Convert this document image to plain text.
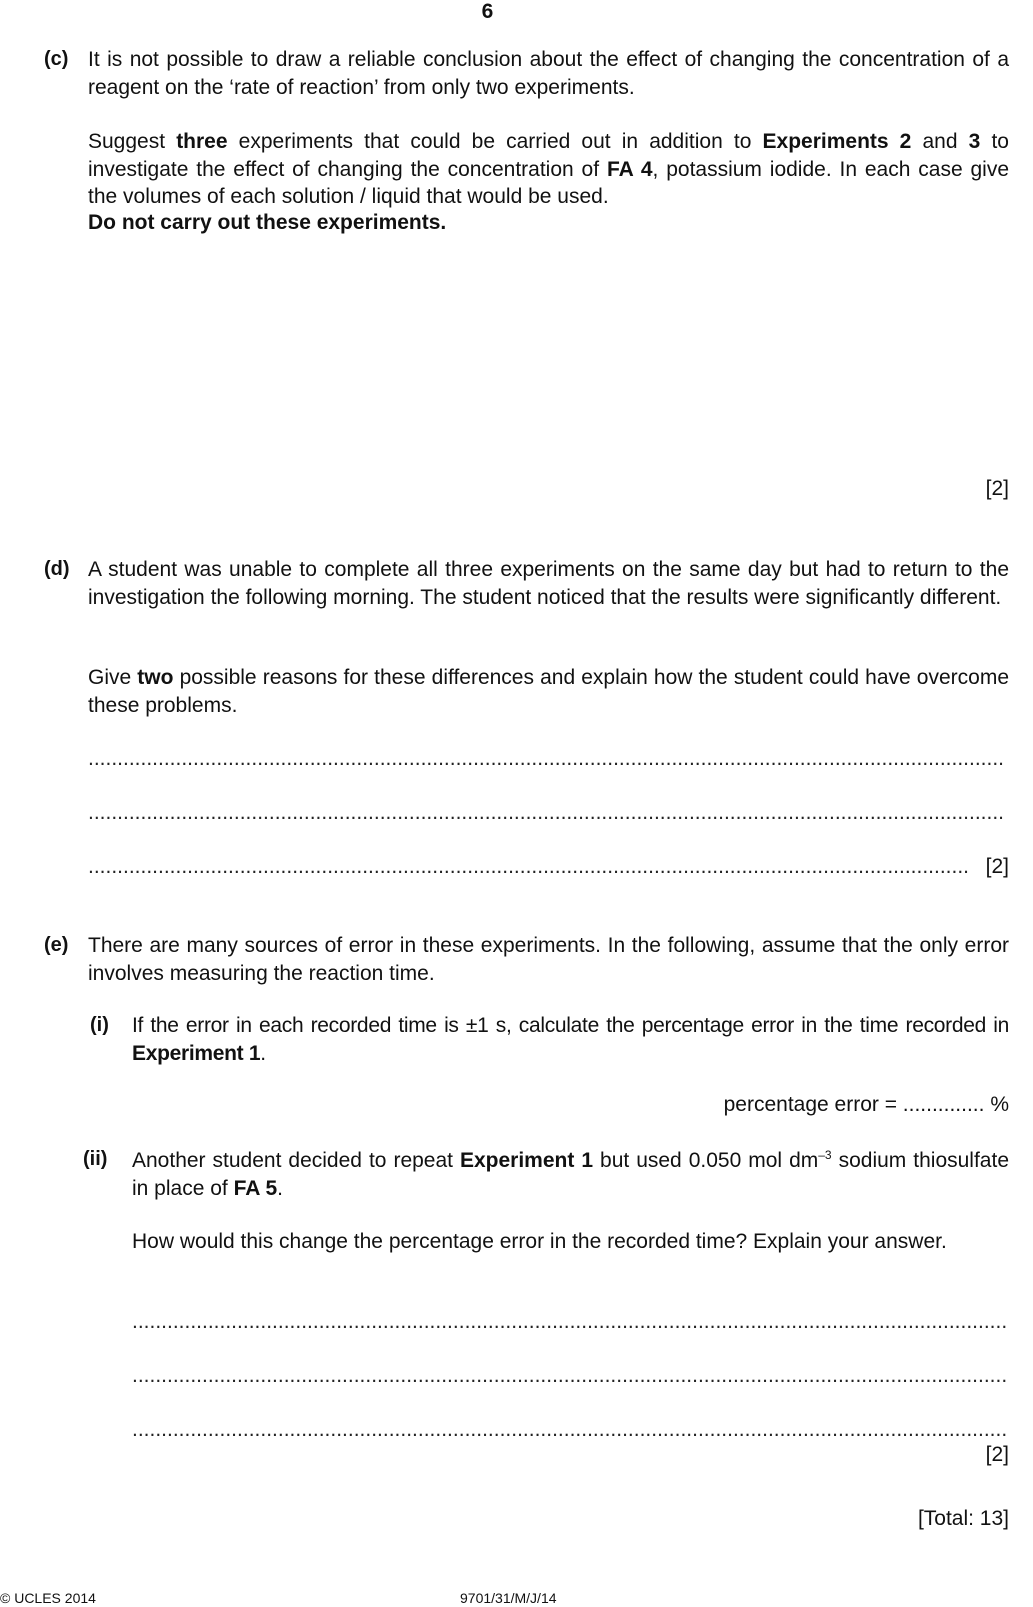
6
(c) It is not possible to draw a reliable conclusion about the effect of changing the concentration of a reagent on the ‘rate of reaction’ from only two experiments.
Suggest three experiments that could be carried out in addition to Experiments 2 and 3 to investigate the effect of changing the concentration of FA 4, potassium iodide. In each case give the volumes of each solution / liquid that would be used.
Do not carry out these experiments.
[2]
(d) A student was unable to complete all three experiments on the same day but had to return to the investigation the following morning. The student noticed that the results were significantly different.
Give two possible reasons for these differences and explain how the student could have overcome these problems.
.............................................................................................................................................................
.............................................................................................................................................................
....................................................................................................................................................... [2]
(e) There are many sources of error in these experiments. In the following, assume that the only error involves measuring the reaction time.
(i) If the error in each recorded time is ±1 s, calculate the percentage error in the time recorded in Experiment 1.
percentage error = .............. %
(ii) Another student decided to repeat Experiment 1 but used 0.050 mol $dm^{-3}$ sodium thiosulfate in place of FA 5.
How would this change the percentage error in the recorded time? Explain your answer.
......................................................................................................................................................
......................................................................................................................................................
......................................................................................................................................................
[2]
[Total: 13]
© UCLES 2014	9701/31/M/J/14
